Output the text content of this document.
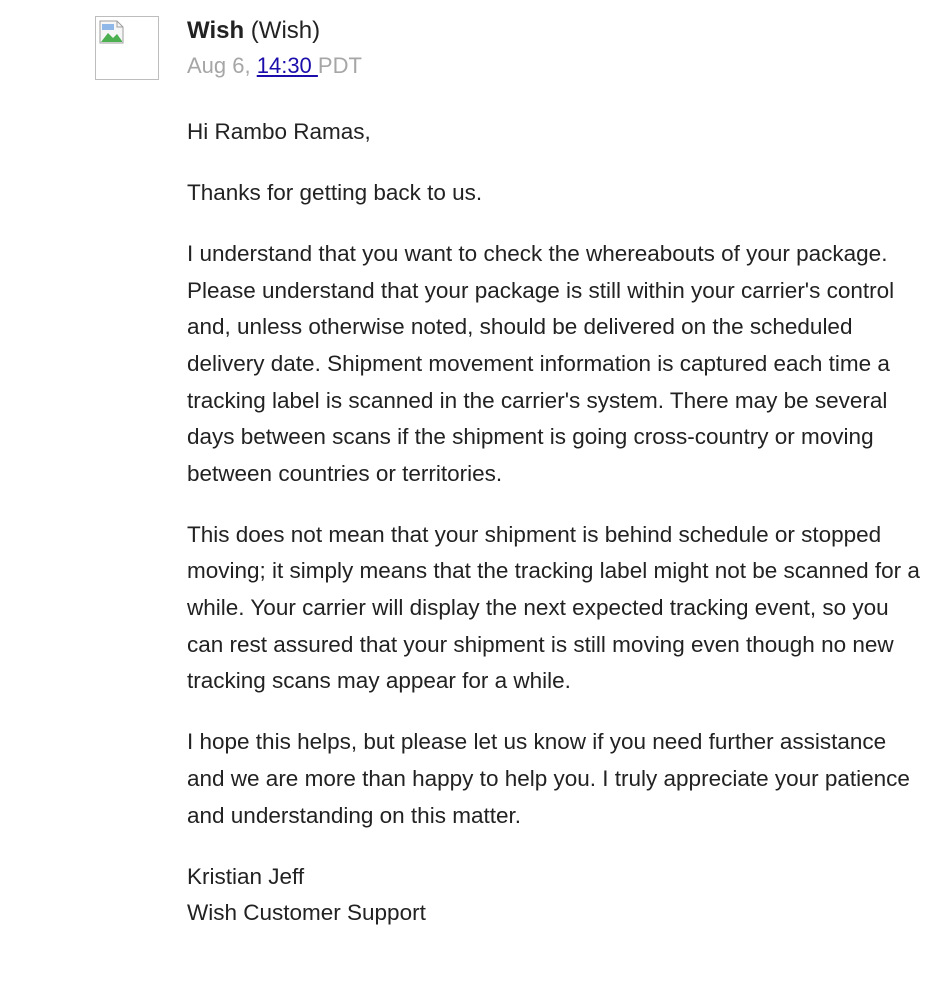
Wish (Wish)
Aug 6, 14:30 PDT

Hi Rambo Ramas,

Thanks for getting back to us.

I understand that you want to check the whereabouts of your package. Please understand that your package is still within your carrier's control and, unless otherwise noted, should be delivered on the scheduled delivery date. Shipment movement information is captured each time a tracking label is scanned in the carrier's system. There may be several days between scans if the shipment is going cross-country or moving between countries or territories.

This does not mean that your shipment is behind schedule or stopped moving; it simply means that the tracking label might not be scanned for a while. Your carrier will display the next expected tracking event, so you can rest assured that your shipment is still moving even though no new tracking scans may appear for a while.

I hope this helps, but please let us know if you need further assistance and we are more than happy to help you. I truly appreciate your patience and understanding on this matter.

Kristian Jeff
Wish Customer Support
